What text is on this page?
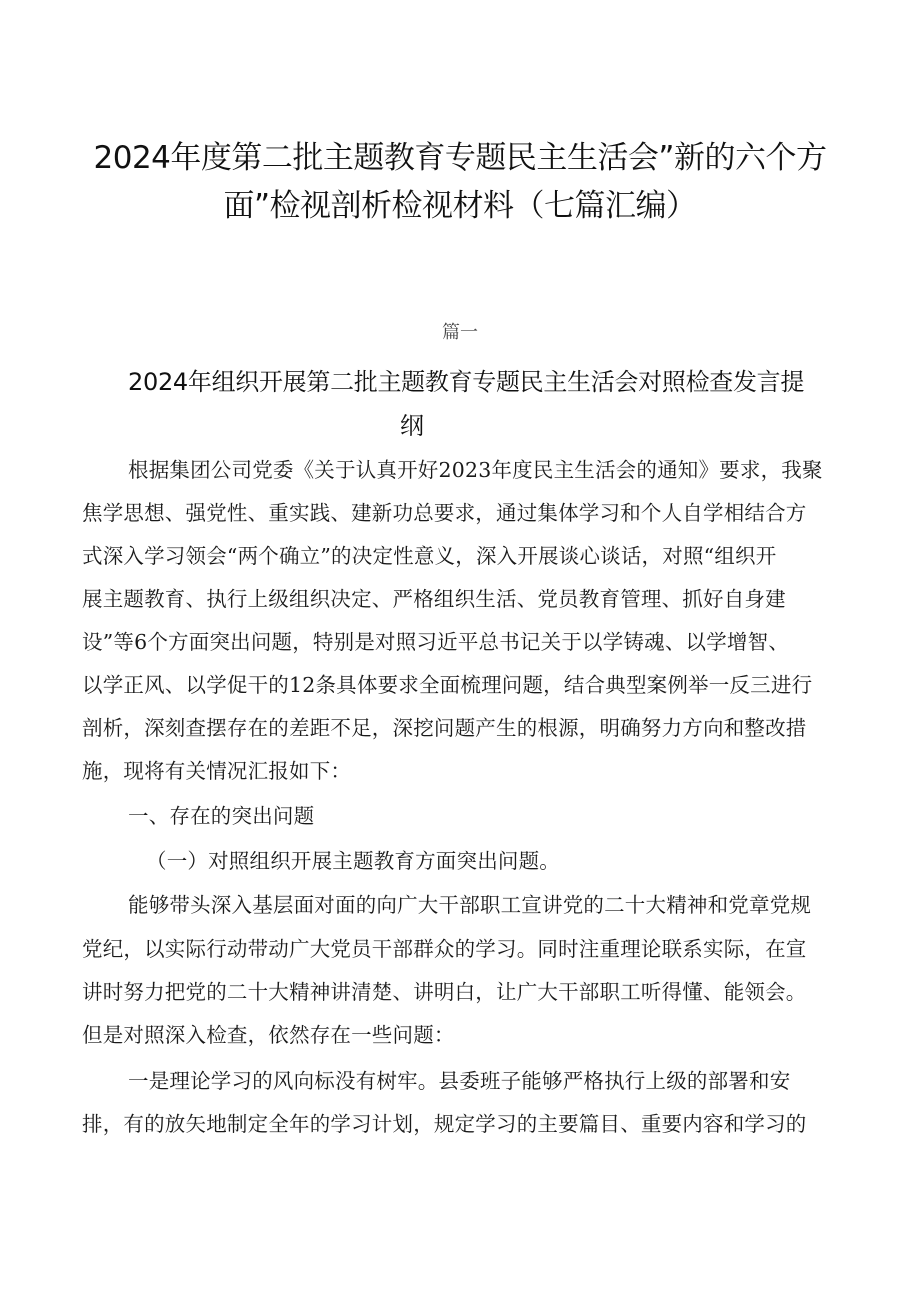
2024年度第二批主题教育专题民主生活会”新的六个方
面”检视剖析检视材料（七篇汇编）
篇一
2024年组织开展第二批主题教育专题民主生活会对照检查发言提
纲
根据集团公司党委《关于认真开好2023年度民主生活会的通知》要求，我聚
焦学思想、强党性、重实践、建新功总要求，通过集体学习和个人自学相结合方
式深入学习领会“两个确立”的决定性意义，深入开展谈心谈话，对照“组织开
展主题教育、执行上级组织决定、严格组织生活、党员教育管理、抓好自身建
设”等6个方面突出问题，特别是对照习近平总书记关于以学铸魂、以学增智、
以学正风、以学促干的12条具体要求全面梳理问题，结合典型案例举一反三进行
剖析，深刻查摆存在的差距不足，深挖问题产生的根源，明确努力方向和整改措
施，现将有关情况汇报如下：
一、存在的突出问题
（一）对照组织开展主题教育方面突出问题。
能够带头深入基层面对面的向广大干部职工宣讲党的二十大精神和党章党规
党纪，以实际行动带动广大党员干部群众的学习。同时注重理论联系实际，在宣
讲时努力把党的二十大精神讲清楚、讲明白，让广大干部职工听得懂、能领会。
但是对照深入检查，依然存在一些问题：
一是理论学习的风向标没有树牢。县委班子能够严格执行上级的部署和安
排，有的放矢地制定全年的学习计划，规定学习的主要篇目、重要内容和学习的
